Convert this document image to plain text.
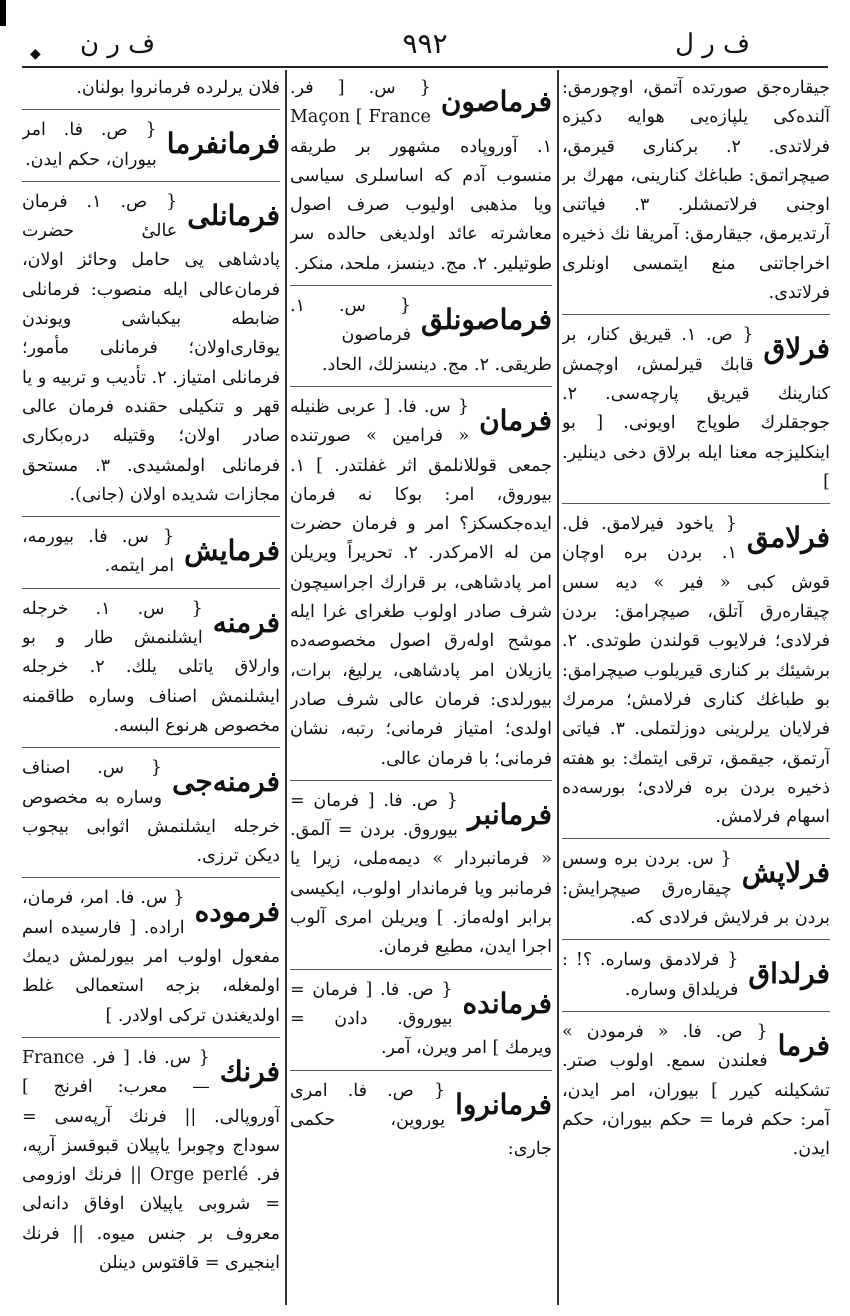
◆	ف ر ل
٩٩٢
ف ر ن
جيقاره‌جق صورتده آتمق، اوچورمق: آلنده‌كی یلپازه‌یی هوایه دكیزه فرلاتدی. ٢. بركناری قیرمق، صیچراتمق: طباغك كنارینی، مهرك بر اوجنی فرلاتمشلر. ٣. فیاتنی آرتدیرمق، جیقارمق: آمریقا نك ذخیره اخراجاتنی منع ایتمسی اونلری فرلاتدی.
فرلاق
{ ص. ١. قیریق كنار، بر قابك قیرلمش، اوچمش كنارینك قیریق پارچه‌سی. ٢. جوجقلرك طوپاج اویونی. [ بو اینكلیزجه معنا ایله برلاق دخی دینلیر. ]
فرلامق
{ یاخود فیرلامق. فل. ١. بردن بره اوچان قوش كبی « فیر » دیه سس چیقاره‌رق آتلق، صیچرامق: بردن فرلادی؛ فرلایوب قولندن طوتدی. ٢. برشیئك بر كناری قیریلوب صیچرامق: بو طباغك كناری فرلامش؛ مرمرك فرلایان یرلرینی دوزلتملی. ٣. فیاتی آرتمق، جیقمق، ترقی ایتمك: بو هفته ذخیره بردن بره فرلادی؛ بورسه‌ده اسهام فرلامش.
فرلاپش
{ س. بردن بره وسس چیقاره‌رق صیچرایش: بردن بر فرلایش فرلادی كه.
فرلداق
{ فرلادمق وساره. ؟! : فریلداق وساره.
فرما
{ ص. فا. « فرمودن » فعلندن سمع. اولوب صتر. تشكیلنه كیرر ] بیوران، امر ایدن، آمر: حكم فرما = حكم بیوران، حكم ایدن.
فرماصون
{ س. [ فر. France ] Maçon ١. آوروپاده مشهور بر طریقه منسوب آدم كه اساسلری سیاسی ویا مذهبی اولیوب صرف اصول معاشرته عائد اولدیغی حالده سر طوتیلیر. ٢. مج. دینسز، ملحد، منكر.
فرماصونلق
{ س. ١. فرماصون طریقی. ٢. مج. دینسزلك، الحاد.
فرمان
{ س. فا. [ عربی ظنیله « فرامین » صورتنده جمعی قوللانلمق اثر غفلتدر. ] ١. بیوروق، امر: بوكا نه فرمان ایده‌جكسكز؟ امر و فرمان حضرت من له الامركدر. ٢. تحریراً ویریلن امر پادشاهی، بر قرارك اجراسیچون شرف صادر اولوب طغرای غرا ایله موشح اوله‌رق اصول مخصوصه‌ده یازیلان امر پادشاهی، یرلیغ، برات، بیورلدی: فرمان عالی شرف صادر اولدی؛ امتیاز فرمانی؛ رتبه، نشان فرمانی؛ با فرمان عالی.
فرمانبر
{ ص. فا. [ فرمان = بیوروق. بردن = آلمق. « فرمانبردار » دیمه‌ملی، زیرا یا فرمانبر ویا فرماندار اولوب، ایكیسی برابر اوله‌ماز. ] ویریلن امری آلوب اجرا ایدن، مطیع فرمان.
فرمانده
{ ص. فا. [ فرمان = بیوروق. دادن = ویرمك ] امر ویرن، آمر.
فرمانروا
{ ص. فا. امری یوروین، حكمی جاری:
فلان یرلرده فرمانروا بولنان.
فرمانفرما
{ ص. فا. امر بیوران، حكم ایدن.
فرمانلی
{ ص. ١. فرمان عالیٔ حضرت پادشاهی یی حامل وحائز اولان، فرمان‌عالی ایله منصوب: فرمانلی ضابطه بیكباشی ویوندن یوقاری‌اولان؛ فرمانلی مأمور؛ فرمانلی امتیاز. ٢. تأدیب و تربیه و یا قهر و تنكیلی حقنده فرمان عالی صادر اولان؛ وقتیله دره‌بكاری فرمانلی اولمشیدی. ٣. مستحق مجازات شدیده اولان (جانی).
فرمایش
{ س. فا. بیورمه، امر ایتمه.
فرمنه
{ س. ١. خرجله ایشلنمش طار و بو وارلاق یاتلی یلك. ٢. خرجله ایشلنمش اصناف وساره طاقمنه مخصوص هرنوع البسه.
فرمنه‌جی
{ س. اصناف وساره‌ به مخصوص خرجله ایشلنمش اثوابی بیجوب دیكن ترزی.
فرموده
{ س. فا. امر، فرمان، اراده. [ فارسیده اسم مفعول اولوب امر بیورلمش دیمك اولمغله، بزجه استعمالی غلط اولدیغندن تركی اولادر. ]
فرنك
{ س. فا. [ فر. France — معرب: افرنج ] آوروپالی. || فرنك آرپه‌سی = سوداج وچوبرا یاپیلان قبوقسز آرپه، فر. Orge perlé || فرنك اوزومی = شروبی یاپیلان اوفاق دانه‌لی معروف بر جنس میوه. || فرنك اینجیری = قاقتوس دینلن
